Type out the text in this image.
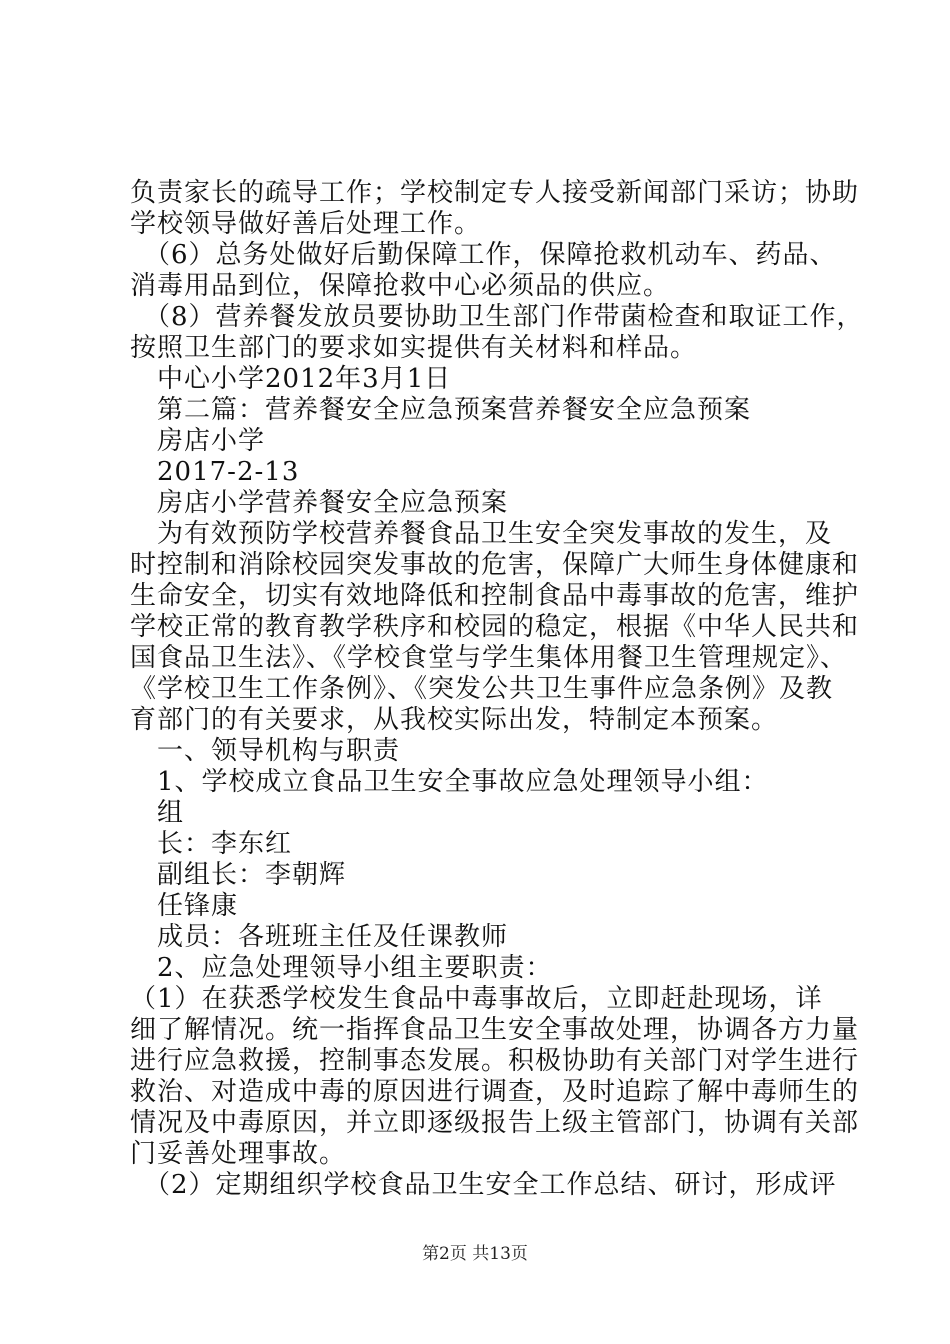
负责家长的疏导工作；学校制定专人接受新闻部门采访；协助
学校领导做好善后处理工作。
　（6）总务处做好后勤保障工作，保障抢救机动车、药品、
消毒用品到位，保障抢救中心必须品的供应。
　（8）营养餐发放员要协助卫生部门作带菌检查和取证工作，
按照卫生部门的要求如实提供有关材料和样品。
　中心小学2012年3月1日
　第二篇：营养餐安全应急预案营养餐安全应急预案
　房店小学
　2017-2-13
　房店小学营养餐安全应急预案
　为有效预防学校营养餐食品卫生安全突发事故的发生，及
时控制和消除校园突发事故的危害，保障广大师生身体健康和
生命安全，切实有效地降低和控制食品中毒事故的危害，维护
学校正常的教育教学秩序和校园的稳定，根据《中华人民共和
国食品卫生法》、《学校食堂与学生集体用餐卫生管理规定》、
《学校卫生工作条例》、《突发公共卫生事件应急条例》及教
育部门的有关要求，从我校实际出发，特制定本预案。
　一、领导机构与职责
　1、学校成立食品卫生安全事故应急处理领导小组：
　组
　长：李东红
　副组长：李朝辉
　任锋康
　成员：各班班主任及任课教师
　2、应急处理领导小组主要职责：
（1）在获悉学校发生食品中毒事故后，立即赶赴现场，详
细了解情况。统一指挥食品卫生安全事故处理，协调各方力量
进行应急救援，控制事态发展。积极协助有关部门对学生进行
救治、对造成中毒的原因进行调查，及时追踪了解中毒师生的
情况及中毒原因，并立即逐级报告上级主管部门，协调有关部
门妥善处理事故。
　（2）定期组织学校食品卫生安全工作总结、研讨，形成评
第2页 共13页
